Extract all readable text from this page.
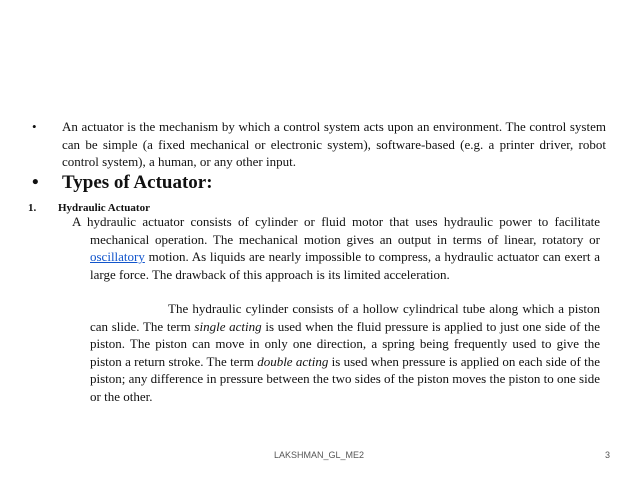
• An actuator is the mechanism by which a control system acts upon an environment. The control system can be simple (a fixed mechanical or electronic system), software-based (e.g. a printer driver, robot control system), a human, or any other input.
• Types of Actuator:
1. Hydraulic Actuator
A hydraulic actuator consists of cylinder or fluid motor that uses hydraulic power to facilitate mechanical operation. The mechanical motion gives an output in terms of linear, rotatory or oscillatory motion. As liquids are nearly impossible to compress, a hydraulic actuator can exert a large force. The drawback of this approach is its limited acceleration.
The hydraulic cylinder consists of a hollow cylindrical tube along which a piston can slide. The term single acting is used when the fluid pressure is applied to just one side of the piston. The piston can move in only one direction, a spring being frequently used to give the piston a return stroke. The term double acting is used when pressure is applied on each side of the piston; any difference in pressure between the two sides of the piston moves the piston to one side or the other.
LAKSHMAN_GL_ME2	3
